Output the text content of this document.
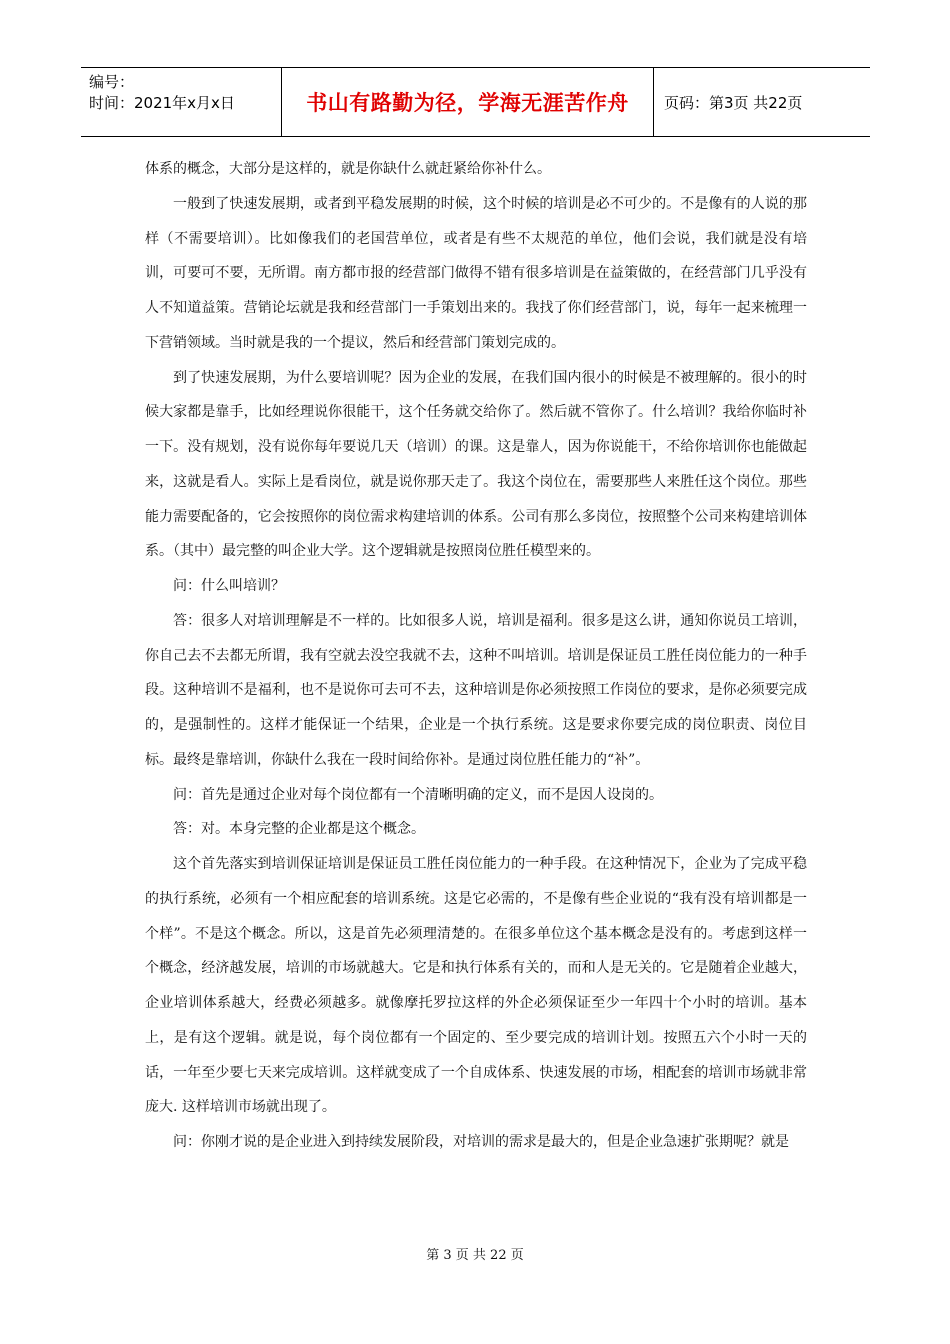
编号：
时间：2021年x月x日	书山有路勤为径，学海无涯苦作舟	页码：第3页 共22页

体系的概念，大部分是这样的，就是你缺什么就赶紧给你补什么。

一般到了快速发展期，或者到平稳发展期的时候，这个时候的培训是必不可少的。不是像有的人说的那样（不需要培训）。比如像我们的老国营单位，或者是有些不太规范的单位，他们会说，我们就是没有培训，可要可不要，无所谓。南方都市报的经营部门做得不错有很多培训是在益策做的，在经营部门几乎没有人不知道益策。营销论坛就是我和经营部门一手策划出来的。我找了你们经营部门，说，每年一起来梳理一下营销领域。当时就是我的一个提议，然后和经营部门策划完成的。

到了快速发展期，为什么要培训呢？因为企业的发展，在我们国内很小的时候是不被理解的。很小的时候大家都是靠手，比如经理说你很能干，这个任务就交给你了。然后就不管你了。什么培训？我给你临时补一下。没有规划，没有说你每年要说几天（培训）的课。这是靠人，因为你说能干，不给你培训你也能做起来，这就是看人。实际上是看岗位，就是说你那天走了。我这个岗位在，需要那些人来胜任这个岗位。那些能力需要配备的，它会按照你的岗位需求构建培训的体系。公司有那么多岗位，按照整个公司来构建培训体系。（其中）最完整的叫企业大学。这个逻辑就是按照岗位胜任模型来的。

问：什么叫培训？

答：很多人对培训理解是不一样的。比如很多人说，培训是福利。很多是这么讲，通知你说员工培训，你自己去不去都无所谓，我有空就去没空我就不去，这种不叫培训。培训是保证员工胜任岗位能力的一种手段。这种培训不是福利，也不是说你可去可不去，这种培训是你必须按照工作岗位的要求，是你必须要完成的，是强制性的。这样才能保证一个结果，企业是一个执行系统。这是要求你要完成的岗位职责、岗位目标。最终是靠培训，你缺什么我在一段时间给你补。是通过岗位胜任能力的“补”。

问：首先是通过企业对每个岗位都有一个清晰明确的定义，而不是因人设岗的。

答：对。本身完整的企业都是这个概念。

这个首先落实到培训保证培训是保证员工胜任岗位能力的一种手段。在这种情况下，企业为了完成平稳的执行系统，必须有一个相应配套的培训系统。这是它必需的，不是像有些企业说的“我有没有培训都是一个样”。不是这个概念。所以，这是首先必须理清楚的。在很多单位这个基本概念是没有的。考虑到这样一个概念，经济越发展，培训的市场就越大。它是和执行体系有关的，而和人是无关的。它是随着企业越大，企业培训体系越大，经费必须越多。就像摩托罗拉这样的外企必须保证至少一年四十个小时的培训。基本上，是有这个逻辑。就是说，每个岗位都有一个固定的、至少要完成的培训计划。按照五六个小时一天的话，一年至少要七天来完成培训。这样就变成了一个自成体系、快速发展的市场，相配套的培训市场就非常庞大. 这样培训市场就出现了。

问：你刚才说的是企业进入到持续发展阶段，对培训的需求是最大的，但是企业急速扩张期呢？就是

第 3 页 共 22 页
